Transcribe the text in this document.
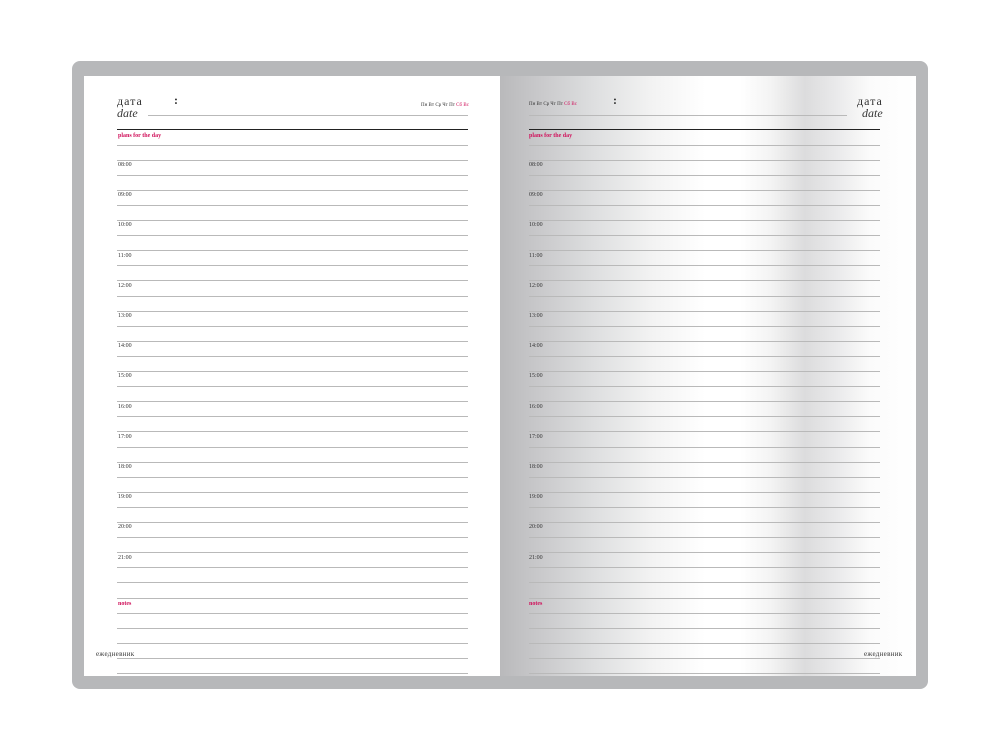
дата
date
:	Пн Вт Ср Чт Пт Сб Вс
plans for the day
08:00
09:00
10:00
11:00
12:00
13:00
14:00
15:00
16:00
17:00
18:00
19:00
20:00
21:00
notes
ежедневник
Пн Вт Ср Чт Пт Сб Вс	:	дата
date
plans for the day
08:00
09:00
10:00
11:00
12:00
13:00
14:00
15:00
16:00
17:00
18:00
19:00
20:00
21:00
notes
ежедневник
